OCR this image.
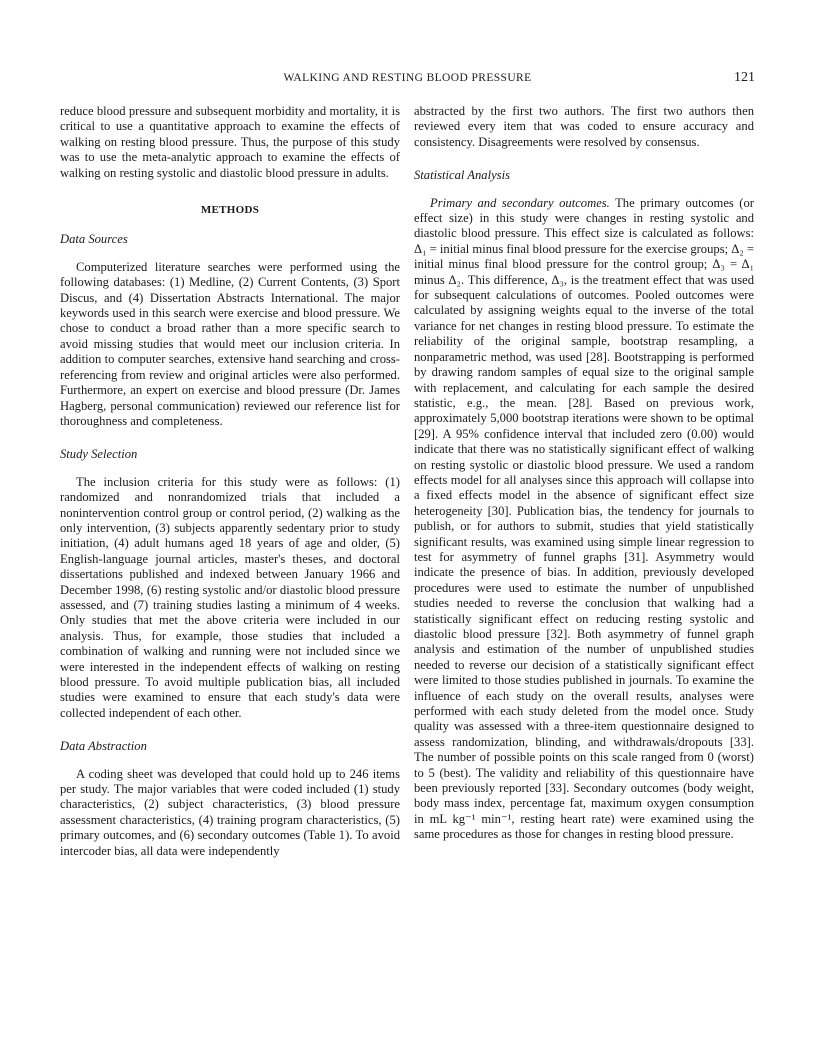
WALKING AND RESTING BLOOD PRESSURE	121

reduce blood pressure and subsequent morbidity and mortality, it is critical to use a quantitative approach to examine the effects of walking on resting blood pressure. Thus, the purpose of this study was to use the meta-analytic approach to examine the effects of walking on resting systolic and diastolic blood pressure in adults.

METHODS
Data Sources

Computerized literature searches were performed using the following databases: (1) Medline, (2) Current Contents, (3) Sport Discus, and (4) Dissertation Abstracts International. The major keywords used in this search were exercise and blood pressure. We chose to conduct a broad rather than a more specific search to avoid missing studies that would meet our inclusion criteria. In addition to computer searches, extensive hand searching and cross-referencing from review and original articles were also performed. Furthermore, an expert on exercise and blood pressure (Dr. James Hagberg, personal communication) reviewed our reference list for thoroughness and completeness.

Study Selection

The inclusion criteria for this study were as follows: (1) randomized and nonrandomized trials that included a nonintervention control group or control period, (2) walking as the only intervention, (3) subjects apparently sedentary prior to study initiation, (4) adult humans aged 18 years of age and older, (5) English-language journal articles, master's theses, and doctoral dissertations published and indexed between January 1966 and December 1998, (6) resting systolic and/or diastolic blood pressure assessed, and (7) training studies lasting a minimum of 4 weeks. Only studies that met the above criteria were included in our analysis. Thus, for example, those studies that included a combination of walking and running were not included since we were interested in the independent effects of walking on resting blood pressure. To avoid multiple publication bias, all included studies were examined to ensure that each study's data were collected independent of each other.

Data Abstraction

A coding sheet was developed that could hold up to 246 items per study. The major variables that were coded included (1) study characteristics, (2) subject characteristics, (3) blood pressure assessment characteristics, (4) training program characteristics, (5) primary outcomes, and (6) secondary outcomes (Table 1). To avoid intercoder bias, all data were independently

abstracted by the first two authors. The first two authors then reviewed every item that was coded to ensure accuracy and consistency. Disagreements were resolved by consensus.

Statistical Analysis

Primary and secondary outcomes. The primary outcomes (or effect size) in this study were changes in resting systolic and diastolic blood pressure. This effect size is calculated as follows: Δ₁ = initial minus final blood pressure for the exercise groups; Δ₂ = initial minus final blood pressure for the control group; Δ₃ = Δ₁ minus Δ₂. This difference, Δ₃, is the treatment effect that was used for subsequent calculations of outcomes. Pooled outcomes were calculated by assigning weights equal to the inverse of the total variance for net changes in resting blood pressure. To estimate the reliability of the original sample, bootstrap resampling, a nonparametric method, was used [28]. Bootstrapping is performed by drawing random samples of equal size to the original sample with replacement, and calculating for each sample the desired statistic, e.g., the mean. [28]. Based on previous work, approximately 5,000 bootstrap iterations were shown to be optimal [29]. A 95% confidence interval that included zero (0.00) would indicate that there was no statistically significant effect of walking on resting systolic or diastolic blood pressure. We used a random effects model for all analyses since this approach will collapse into a fixed effects model in the absence of significant effect size heterogeneity [30]. Publication bias, the tendency for journals to publish, or for authors to submit, studies that yield statistically significant results, was examined using simple linear regression to test for asymmetry of funnel graphs [31]. Asymmetry would indicate the presence of bias. In addition, previously developed procedures were used to estimate the number of unpublished studies needed to reverse the conclusion that walking had a statistically significant effect on reducing resting systolic and diastolic blood pressure [32]. Both asymmetry of funnel graph analysis and estimation of the number of unpublished studies needed to reverse our decision of a statistically significant effect were limited to those studies published in journals. To examine the influence of each study on the overall results, analyses were performed with each study deleted from the model once. Study quality was assessed with a three-item questionnaire designed to assess randomization, blinding, and withdrawals/dropouts [33]. The number of possible points on this scale ranged from 0 (worst) to 5 (best). The validity and reliability of this questionnaire have been previously reported [33]. Secondary outcomes (body weight, body mass index, percentage fat, maximum oxygen consumption in mL kg⁻¹ min⁻¹, resting heart rate) were examined using the same procedures as those for changes in resting blood pressure.
